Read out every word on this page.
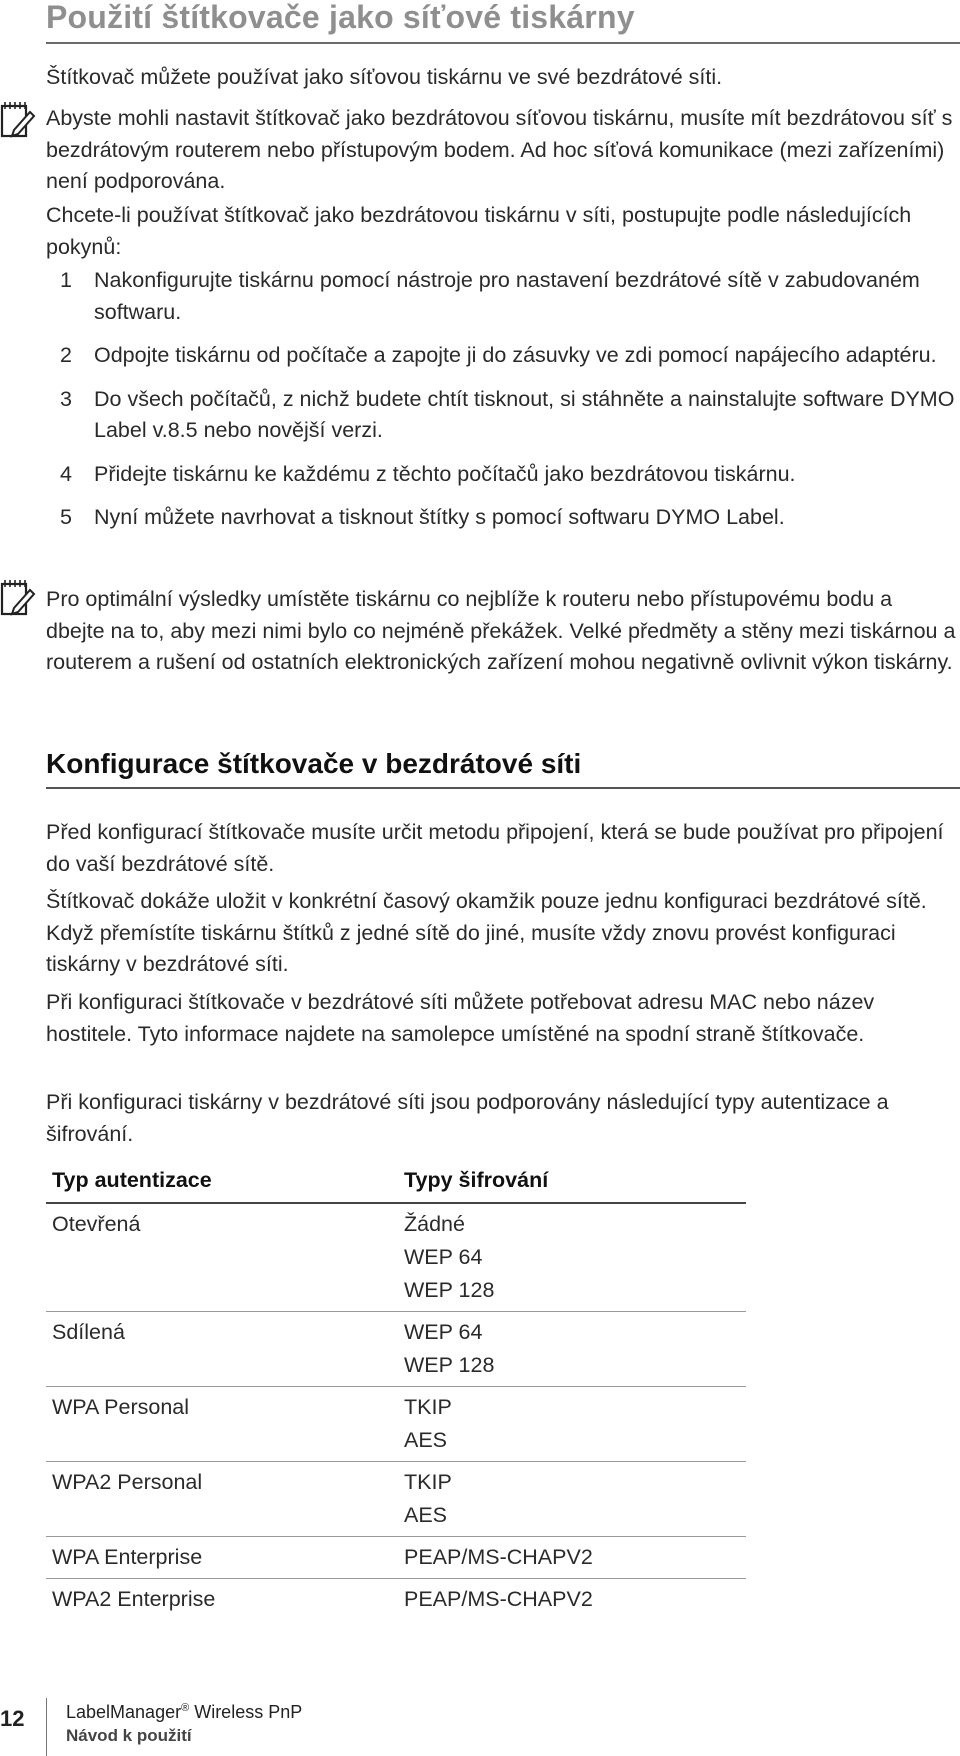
Použití štítkovače jako síťové tiskárny

Štítkovač můžete používat jako síťovou tiskárnu ve své bezdrátové síti.

Abyste mohli nastavit štítkovač jako bezdrátovou síťovou tiskárnu, musíte mít bezdrátovou síť s bezdrátovým routerem nebo přístupovým bodem. Ad hoc síťová komunikace (mezi zařízeními) není podporována.

Chcete-li používat štítkovač jako bezdrátovou tiskárnu v síti, postupujte podle následujících pokynů:

1 Nakonfigurujte tiskárnu pomocí nástroje pro nastavení bezdrátové sítě v zabudovaném softwaru.
2 Odpojte tiskárnu od počítače a zapojte ji do zásuvky ve zdi pomocí napájecího adaptéru.
3 Do všech počítačů, z nichž budete chtít tisknout, si stáhněte a nainstalujte software DYMO Label v.8.5 nebo novější verzi.
4 Přidejte tiskárnu ke každému z těchto počítačů jako bezdrátovou tiskárnu.
5 Nyní můžete navrhovat a tisknout štítky s pomocí softwaru DYMO Label.

Pro optimální výsledky umístěte tiskárnu co nejblíže k routeru nebo přístupovému bodu a dbejte na to, aby mezi nimi bylo co nejméně překážek. Velké předměty a stěny mezi tiskárnou a routerem a rušení od ostatních elektronických zařízení mohou negativně ovlivnit výkon tiskárny.

Konfigurace štítkovače v bezdrátové síti

Před konfigurací štítkovače musíte určit metodu připojení, která se bude používat pro připojení do vaší bezdrátové sítě.

Štítkovač dokáže uložit v konkrétní časový okamžik pouze jednu konfiguraci bezdrátové sítě. Když přemístíte tiskárnu štítků z jedné sítě do jiné, musíte vždy znovu provést konfiguraci tiskárny v bezdrátové síti.

Při konfiguraci štítkovače v bezdrátové síti můžete potřebovat adresu MAC nebo název hostitele. Tyto informace najdete na samolepce umístěné na spodní straně štítkovače.

Při konfiguraci tiskárny v bezdrátové síti jsou podporovány následující typy autentizace a šifrování.

Typ autentizace	Typy šifrování
Otevřená	Žádné
WEP 64
WEP 128

Sdílená	WEP 64
WEP 128

WPA Personal	TKIP
AES

WPA2 Personal	TKIP
AES

WPA Enterprise	PEAP/MS-CHAPV2

WPA2 Enterprise	PEAP/MS-CHAPV2
12 LabelManager® Wireless PnP
Návod k použití
